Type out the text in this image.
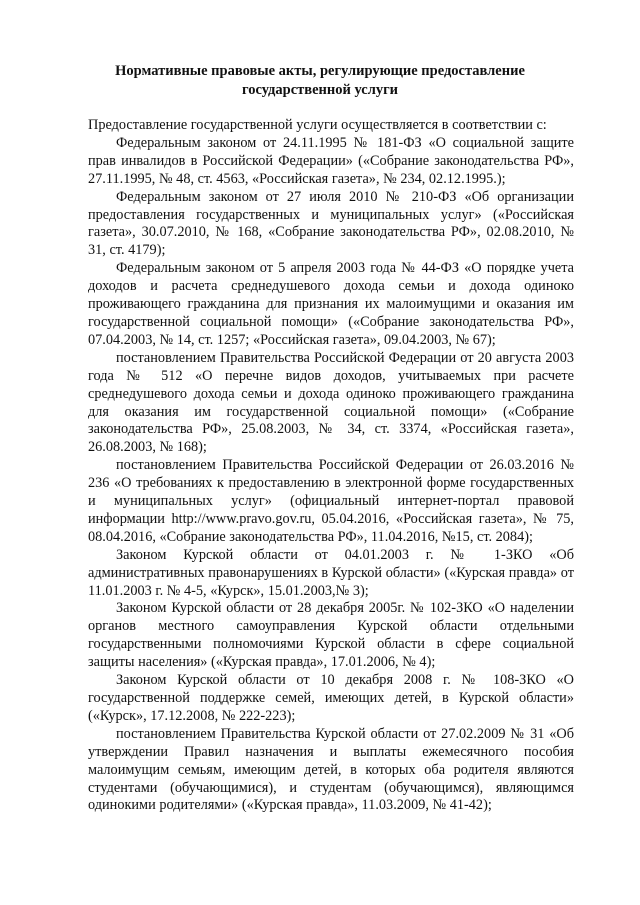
Нормативные правовые акты, регулирующие предоставление государственной услуги

Предоставление государственной услуги осуществляется в соответствии с:

Федеральным законом от 24.11.1995 № 181-ФЗ «О социальной защите прав инвалидов в Российской Федерации» («Собрание законодательства РФ», 27.11.1995, № 48, ст. 4563, «Российская газета», № 234, 02.12.1995.);

Федеральным законом от 27 июля 2010 № 210-ФЗ «Об организации предоставления государственных и муниципальных услуг» («Российская газета», 30.07.2010, № 168, «Собрание законодательства РФ», 02.08.2010, № 31, ст. 4179);

Федеральным законом от 5 апреля 2003 года № 44-ФЗ «О порядке учета доходов и расчета среднедушевого дохода семьи и дохода одиноко проживающего гражданина для признания их малоимущими и оказания им государственной социальной помощи» («Собрание законодательства РФ», 07.04.2003, № 14, ст. 1257; «Российская газета», 09.04.2003, № 67);

постановлением Правительства Российской Федерации от 20 августа 2003 года № 512 «О перечне видов доходов, учитываемых при расчете среднедушевого дохода семьи и дохода одиноко проживающего гражданина для оказания им государственной социальной помощи» («Собрание законодательства РФ», 25.08.2003, № 34, ст. 3374, «Российская газета», 26.08.2003, № 168);

постановлением Правительства Российской Федерации от 26.03.2016 № 236 «О требованиях к предоставлению в электронной форме государственных и муниципальных услуг» (официальный интернет-портал правовой информации http://www.pravo.gov.ru, 05.04.2016, «Российская газета», № 75, 08.04.2016, «Собрание законодательства РФ», 11.04.2016, №15, ст. 2084);

Законом Курской области от 04.01.2003 г. № 1-ЗКО «Об административных правонарушениях в Курской области» («Курская правда» от 11.01.2003 г. № 4-5, «Курск», 15.01.2003,№ 3);

Законом Курской области от 28 декабря 2005г. № 102-ЗКО «О наделении органов местного самоуправления Курской области отдельными государственными полномочиями Курской области в сфере социальной защиты населения» («Курская правда», 17.01.2006, № 4);

Законом Курской области от 10 декабря 2008 г. № 108-ЗКО «О государственной поддержке семей, имеющих детей, в Курской области» («Курск», 17.12.2008, № 222-223);

постановлением Правительства Курской области от 27.02.2009 № 31 «Об утверждении Правил назначения и выплаты ежемесячного пособия малоимущим семьям, имеющим детей, в которых оба родителя являются студентами (обучающимися), и студентам (обучающимся), являющимся одинокими родителями» («Курская правда», 11.03.2009, № 41-42);
